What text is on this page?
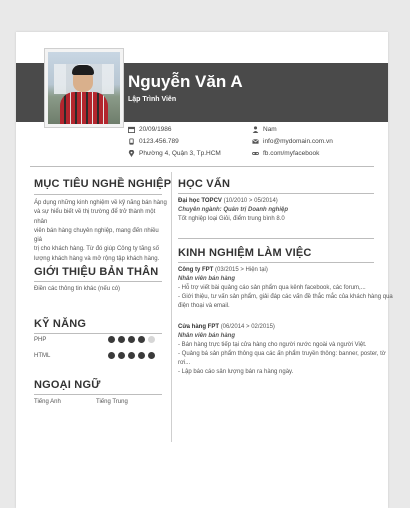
Nguyễn Văn A
Lập Trình Viên
20/09/1986	Nam
0123.456.789	info@mydomain.com.vn
Phường 4, Quận 3, Tp.HCM	fb.com/myfacebook
MỤC TIÊU NGHỀ NGHIỆP
Áp dụng những kinh nghiệm về kỹ năng bán hàng
và sự hiểu biết về thị trường để trở thành một nhân
viên bán hàng chuyên nghiệp, mang đến nhiều giá
trị cho khách hàng. Từ đó giúp Công ty tăng số
lượng khách hàng và mở rộng tập khách hàng.
GIỚI THIỆU BẢN THÂN
Điền các thông tin khác (nếu có)
KỸ NĂNG
PHP
HTML
NGOẠI NGỮ
Tiếng Anh	Tiếng Trung
HỌC VẤN
Đại học TOPCV (10/2010 > 05/2014)
Chuyên ngành: Quản trị Doanh nghiệp
Tốt nghiệp loại Giỏi, điểm trung bình 8.0
KINH NGHIỆM LÀM VIỆC
Công ty FPT (03/2015 > Hiện tại)
Nhân viên bán hàng
- Hỗ trợ viết bài quảng cáo sản phẩm qua kênh facebook, các forum,...
- Giới thiệu, tư vấn sản phẩm, giải đáp các vấn đề thắc mắc của khách hàng qua
điện thoại và email.
Cửa hàng FPT (06/2014 > 02/2015)
Nhân viên bán hàng
- Bán hàng trực tiếp tại cửa hàng cho người nước ngoài và người Việt.
- Quảng bá sản phẩm thông qua các ấn phẩm truyền thông: banner, poster, tờ
rơi...
- Lập báo cáo sản lượng bán ra hàng ngày.
